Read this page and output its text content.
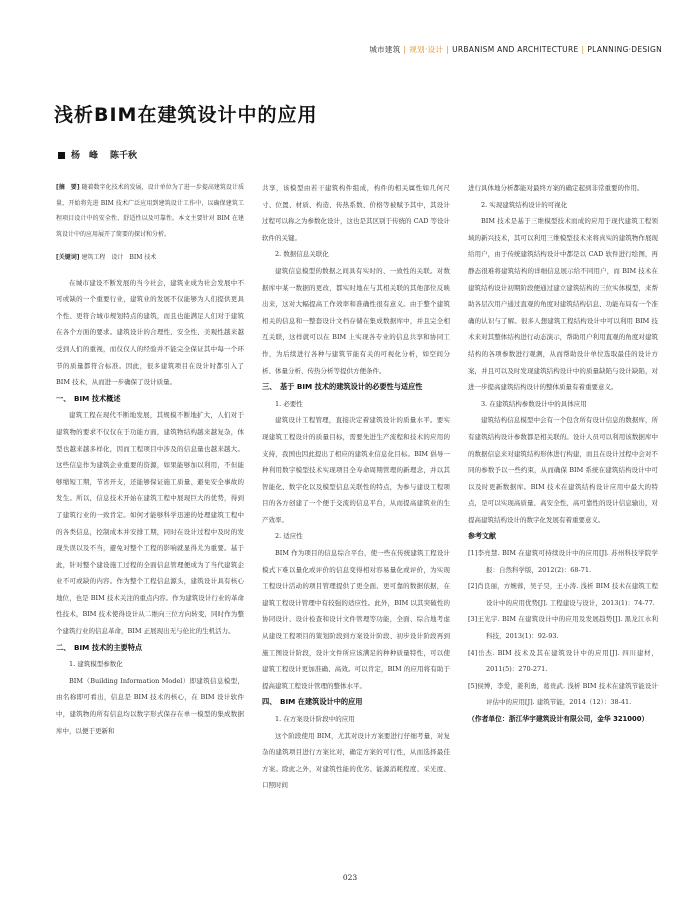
城市建筑 | 规划·设计 | URBANISM AND ARCHITECTURE | PLANNING·DESIGN
浅析BIM在建筑设计中的应用
杨　峰 陈千秋

[摘　要] 随着数字化技术的发展，设计单位为了进一步提高建筑设计质量，开始将先进 BIM 技术广泛应用到建筑设计工作中，以确保建筑工程项目设计中的安全性、舒适性以及可靠性。本文主要针对 BIM 在建筑设计中的应用展开了简要的探讨和分析。

[关键词] 建筑工程　设计　BIM 技术

在城市建设不断发展的当今社会，建筑业成为社会发展中不可或缺的一个重要行业，建筑业的发展不仅能够为人们提供更具个性、更符合城市规划特点的建筑，而且也能满足人们对于建筑在各个方面的要求。建筑设计的合理性、安全性、美观性越来越受到人们的重视，而仅仅人的经验并不能完全保证其中每一个环节的质量都符合标准。因此，很多建筑项目在设计时都引入了 BIM 技术，从而进一步确保了设计质量。

一、　BIM 技术概述

建筑工程在现代不断地发展，其规模不断地扩大，人们对于建筑物的要求不仅仅在于功能方面，建筑物结构越来越复杂，体型也越来越多样化，因而工程项目中涉及的信息量也越来越大。这些信息作为建筑企业重要的资源，如果能够加以利用，不但能够缩短工期，节省开支，还能够保证施工质量、避免安全事故的发生。所以，信息技术开始在建筑工程中展现巨大的优势，得到了建筑行业的一致肯定。如何才能够科学迅速的处理建筑工程中的各类信息，控制成本并安排工期，同时在设计过程中及时的发现失误以及不当，避免对整个工程的影响就显得尤为重要。基于此，针对整个建设施工过程的全面信息管理便成为了当代建筑企业不可或缺的内容。作为整个工程信息源头，建筑设计具有核心地位，也是 BIM 技术关注的重点内容。作为建筑设计行业的革命性技术，BIM 技术使得设计从二维向三位方向转变，同时作为整个建筑行业的信息革命，BIM 正展现出无与伦比的生机活力。

二、　BIM 技术的主要特点
1. 建筑模型参数化

BIM（Building Information Model）即建筑信息模型，由名称即可看出，信息是 BIM 技术的核心，在 BIM 设计软件中，建筑物的所有信息均以数字形式保存在单一模型的集成数据库中，以便于更新和

共享，该模型由若干建筑构件组成，构件的相关属性如几何尺寸、位置、材质、构造、传热系数、价格等被赋予其中，其设计过程可以称之为参数化设计，这也是其区别于传统的 CAD 等设计软件的关键。

2. 数据信息关联化

建筑信息模型的数据之间具有实时的、一致性的关联。对数据库中某一数据的更改，都实时地在与其相关联的其他部位反映出来，这对大幅提高工作效率和准确性很有意义。由于整个建筑相关的信息和一整套设计文档存储在集成数据库中，并且完全相互关联，这样就可以在 BIM 上实现各专业的信息共享和协同工作，为后续进行各种与建筑节能有关的可视化分析，如空间分析、体量分析、传热分析等提供方便条件。

三、　基于 BIM 技术的建筑设计的必要性与适应性
1. 必要性

建筑设计工程管理，直接决定着建筑设计的质量水平。要实现建筑工程设计的质量目标，需要先进生产流程和技术的应用的支持，我国也因此提出了相应的建筑业信息化目标。BIM 倡导一种利用数字模型技术实现项目全寿命周期管理的新理念，并以其智能化、数字化以及模型信息关联性的特点，为参与建设工程项目的各方创建了一个便于交流的信息平台，从而提高建筑业的生产效率。

2. 适应性

BIM 作为项目的信息综合平台，使一些在传统建筑工程设计模式下难以量化或评价的信息变得相对容易量化或评价，为实现工程设计活动的项目管理提供了更全面、更可靠的数据依据，在建筑工程设计管理中有较强的适应性。此外，BIM 以其突破性的协同设计、设计检查和设计文件管理等功能，全面、综合地考虑从建设工程项目的策划阶段到方案设计阶段、初步设计阶段再到施工图设计阶段，设计文件所应该满足的种种质量特性，可以使建筑工程设计更加准确、高效。可以肯定，BIM 的应用将有助于提高建筑工程设计管理的整体水平。

四、　BIM 在建筑设计中的应用
1. 在方案设计阶段中的应用

这个阶段使用 BIM，尤其对设计方案要进行仔细考量，对复杂的建筑项目进行方案比对，确定方案的可行性，从而选择最佳方案。除此之外，对建筑性能的优劣、能源消耗程度、采光度、口照时间

进行具体地分析都能对最终方案的确定起到非常重要的作用。

2. 实现建筑结构设计的可视化

BIM 技术是基于三维模型技术而成的应用于现代建筑工程领域的新兴技术，其可以利用三维模型技术来将真实的建筑物作展现给用户，由于传统建筑结构设计中都是以 CAD 软件进行绘图，再静态很难将建筑结构的详细信息展示给不同用户，而 BIM 技术在建筑结构设计初期阶段便通过建立建筑结构的三位实体模型，来帮助各层次用户通过直观的角度对建筑结构信息、功能布局有一个准确的认识与了解。很多人想建筑工程结构设计中可以利用 BIM 技术来对其整体结构进行动态演示，帮助用户利用直观的角度对建筑结构的各项参数进行观测，从而帮助设计单位选取最佳的设计方案，并且可以及时发现建筑结构设计中的质量缺陷与设计缺陷，对进一步提高建筑结构设计的整体质量有着重要意义。

3. 在建筑结构参数设计中的具体应用

建筑结构信息模型中会有一个包含所有设计信息的数据库，所有建筑结构设计参数都是相关联的。设计人员可以利用该数据库中的数据信息来对建筑结构形体进行构建，而且在设计过程中会对不同的参数予以一些约束，从而确保 BIM 系统在建筑结构设计中可以及时更新数据库。BIM 技术在建筑结构设计应用中最大的特点，是可以实现高质量、高安全性、高可靠性的设计信息输出，对提高建筑结构设计的数字化发展有着重要意义。

参考文献

[1]李亮慧. BIM 在建筑可持续设计中的应用[J]. 苏州科技学院学报：自然科学版，2012(2)：68-71.

[2]肖良丽，方婉蓉，吴子昊，王小涛. 浅析 BIM 技术在建筑工程设计中的应用优势[J]. 工程建设与设计，2013(1)：74-77.

[3]王光宇. BIM 在建筑设计中的应用及发展趋势[J]. 黑龙江水利科技，2013(1)：92-93.

[4]岳杰. BIM 技术及其在建筑设计中的应用[J]. 四川建材，2011(5)：270-271.

[5]侯博，李爱，姜利勇，葛贵武. 浅析 BIM 技术在建筑节能设计评估中的应用[J]. 建筑节能，2014（12）：38-41.

（作者单位：浙江华宇建筑设计有限公司，金华 321000）

023
